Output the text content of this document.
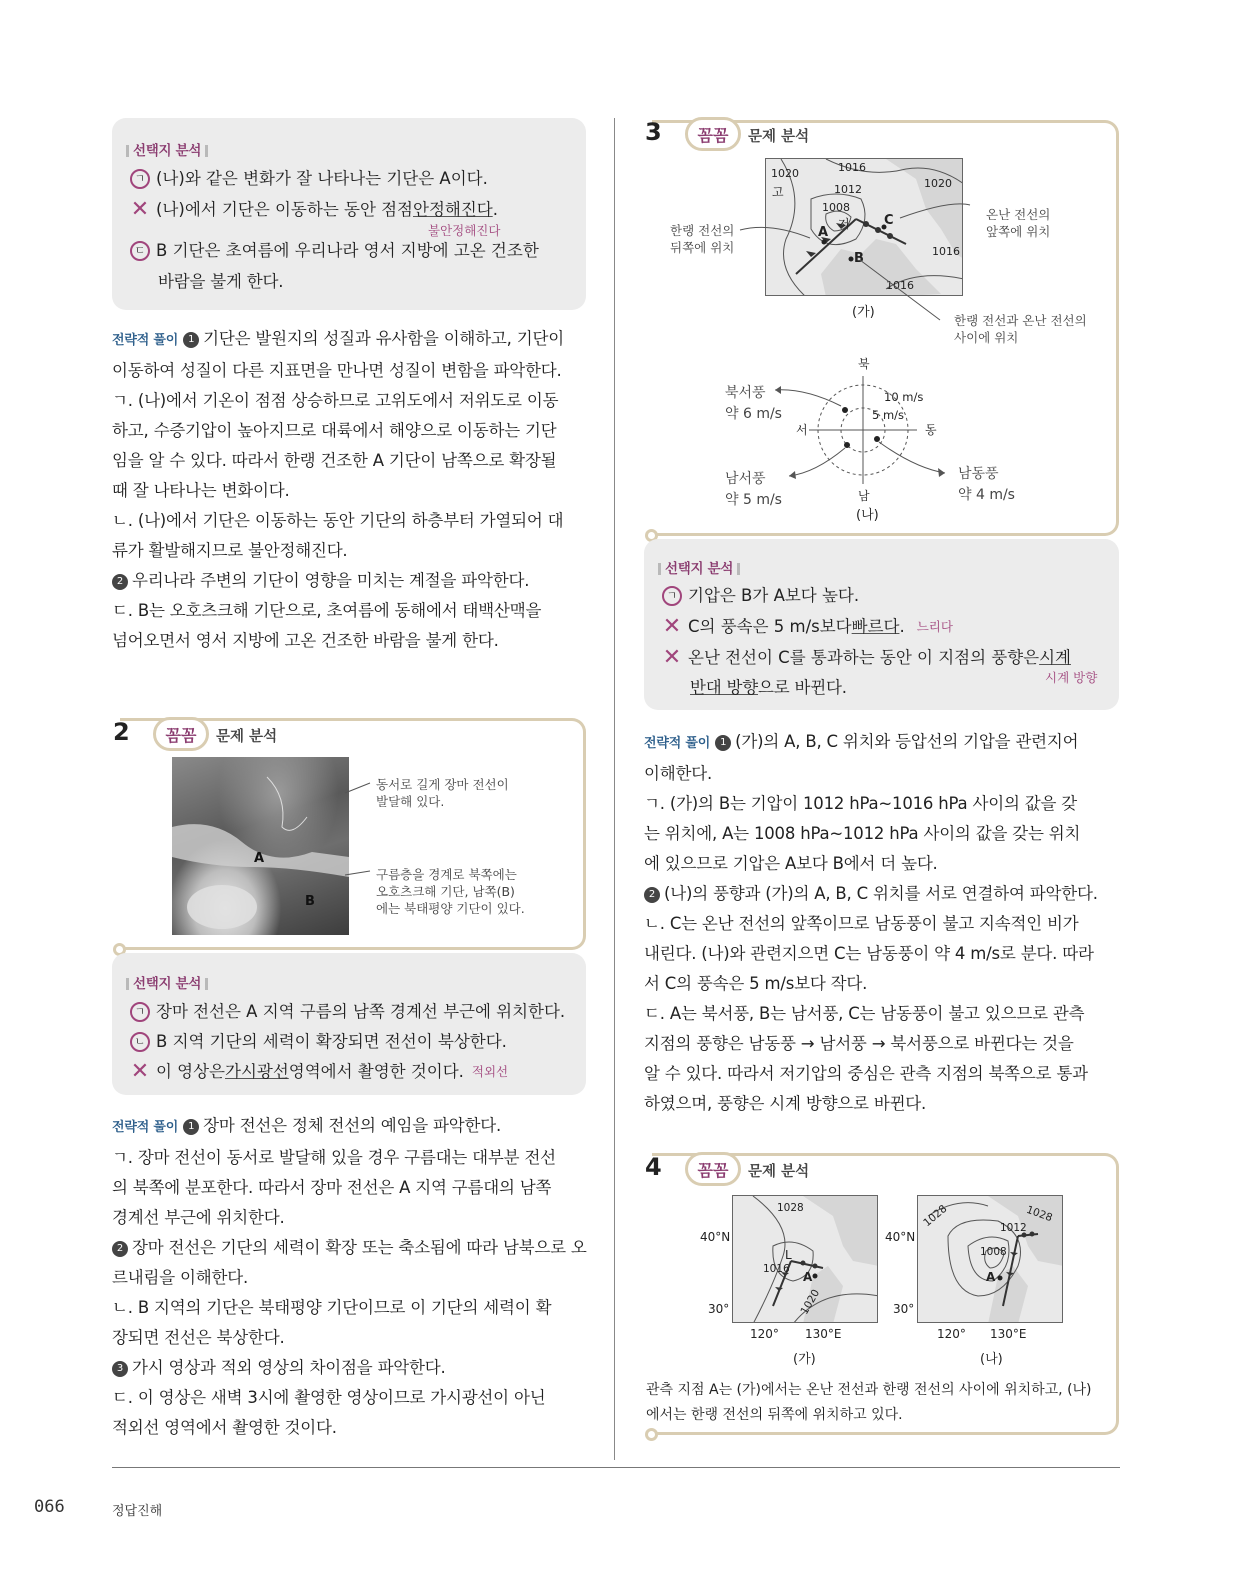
선택지 분석
ㄱ (나)와 같은 변화가 잘 나타나는 기단은 A이다.
✕ (나)에서 기단은 이동하는 동안 점점 안정해진다 .
불안정해진다
ㄷ B 기단은 초여름에 우리나라 영서 지방에 고온 건조한
바람을 불게 한다.
전략적 풀이 1 기단은 발원지의 성질과 유사함을 이해하고, 기단이
이동하여 성질이 다른 지표면을 만나면 성질이 변함을 파악한다.
ㄱ. (나)에서 기온이 점점 상승하므로 고위도에서 저위도로 이동
하고, 수증기압이 높아지므로 대륙에서 해양으로 이동하는 기단
임을 알 수 있다. 따라서 한랭 건조한 A 기단이 남쪽으로 확장될
때 잘 나타나는 변화이다.
ㄴ. (나)에서 기단은 이동하는 동안 기단의 하층부터 가열되어 대
류가 활발해지므로 불안정해진다.
2 우리나라 주변의 기단이 영향을 미치는 계절을 파악한다.
ㄷ. B는 오호츠크해 기단으로, 초여름에 동해에서 태백산맥을
넘어오면서 영서 지방에 고온 건조한 바람을 불게 한다.
2 꼼꼼 문제 분석
A
B
동서로 길게 장마 전선이
발달해 있다.
구름층을 경계로 북쪽에는
오호츠크해 기단, 남쪽(B)
에는 북태평양 기단이 있다.
선택지 분석
ㄱ 장마 전선은 A 지역 구름의 남쪽 경계선 부근에 위치한다.
ㄴ B 지역 기단의 세력이 확장되면 전선이 북상한다.
✕ 이 영상은 가시광선 영역에서 촬영한 것이다. 적외선
전략적 풀이 1 장마 전선은 정체 전선의 예임을 파악한다.
ㄱ. 장마 전선이 동서로 발달해 있을 경우 구름대는 대부분 전선
의 북쪽에 분포한다. 따라서 장마 전선은 A 지역 구름대의 남쪽
경계선 부근에 위치한다.
2 장마 전선은 기단의 세력이 확장 또는 축소됨에 따라 남북으로 오
르내림을 이해한다.
ㄴ. B 지역의 기단은 북태평양 기단이므로 이 기단의 세력이 확
장되면 전선은 북상한다.
3 가시 영상과 적외 영상의 차이점을 파악한다.
ㄷ. 이 영상은 새벽 3시에 촬영한 영상이므로 가시광선이 아닌
적외선 영역에서 촬영한 것이다.
3 꼼꼼 문제 분석
1020	1016
1012
1008
1020
1016
1016
고
저
A
B
C
(가)
한랭 전선의
뒤쪽에 위치
온난 전선의
앞쪽에 위치
한랭 전선과 온난 전선의
사이에 위치
북
남
서	동
10 m/s
5 m/s
(나)
북서풍
약 6 m/s
남서풍
약 5 m/s
남동풍
약 4 m/s
선택지 분석
ㄱ 기압은 B가 A보다 높다.
✕ C의 풍속은 5 m/s보다 빠르다 . 느리다
✕ 온난 전선이 C를 통과하는 동안 이 지점의 풍향은 시계
시계 방향
반대 방향으로 바뀐다.
전략적 풀이 1 (가)의 A, B, C 위치와 등압선의 기압을 관련지어
이해한다.
ㄱ. (가)의 B는 기압이 1012 hPa~1016 hPa 사이의 값을 갖
는 위치에, A는 1008 hPa~1012 hPa 사이의 값을 갖는 위치
에 있으므로 기압은 A보다 B에서 더 높다.
2 (나)의 풍향과 (가)의 A, B, C 위치를 서로 연결하여 파악한다.
ㄴ. C는 온난 전선의 앞쪽이므로 남동풍이 불고 지속적인 비가
내린다. (나)와 관련지으면 C는 남동풍이 약 4 m/s로 분다. 따라
서 C의 풍속은 5 m/s보다 작다.
ㄷ. A는 북서풍, B는 남서풍, C는 남동풍이 불고 있으므로 관측
지점의 풍향은 남동풍 → 남서풍 → 북서풍으로 바뀐다는 것을
알 수 있다. 따라서 저기압의 중심은 관측 지점의 북쪽으로 통과
하였으며, 풍향은 시계 방향으로 바뀐다.
4 꼼꼼 문제 분석
1028
1016
1020
L
A
40°N
30°
120° 130°E
(가)
1028	1028
1012
1008
A
40°N
30°
120° 130°E
(나)
관측 지점 A는 (가)에서는 온난 전선과 한랭 전선의 사이에 위치하고, (나)
에서는 한랭 전선의 뒤쪽에 위치하고 있다.
066	정답진해
